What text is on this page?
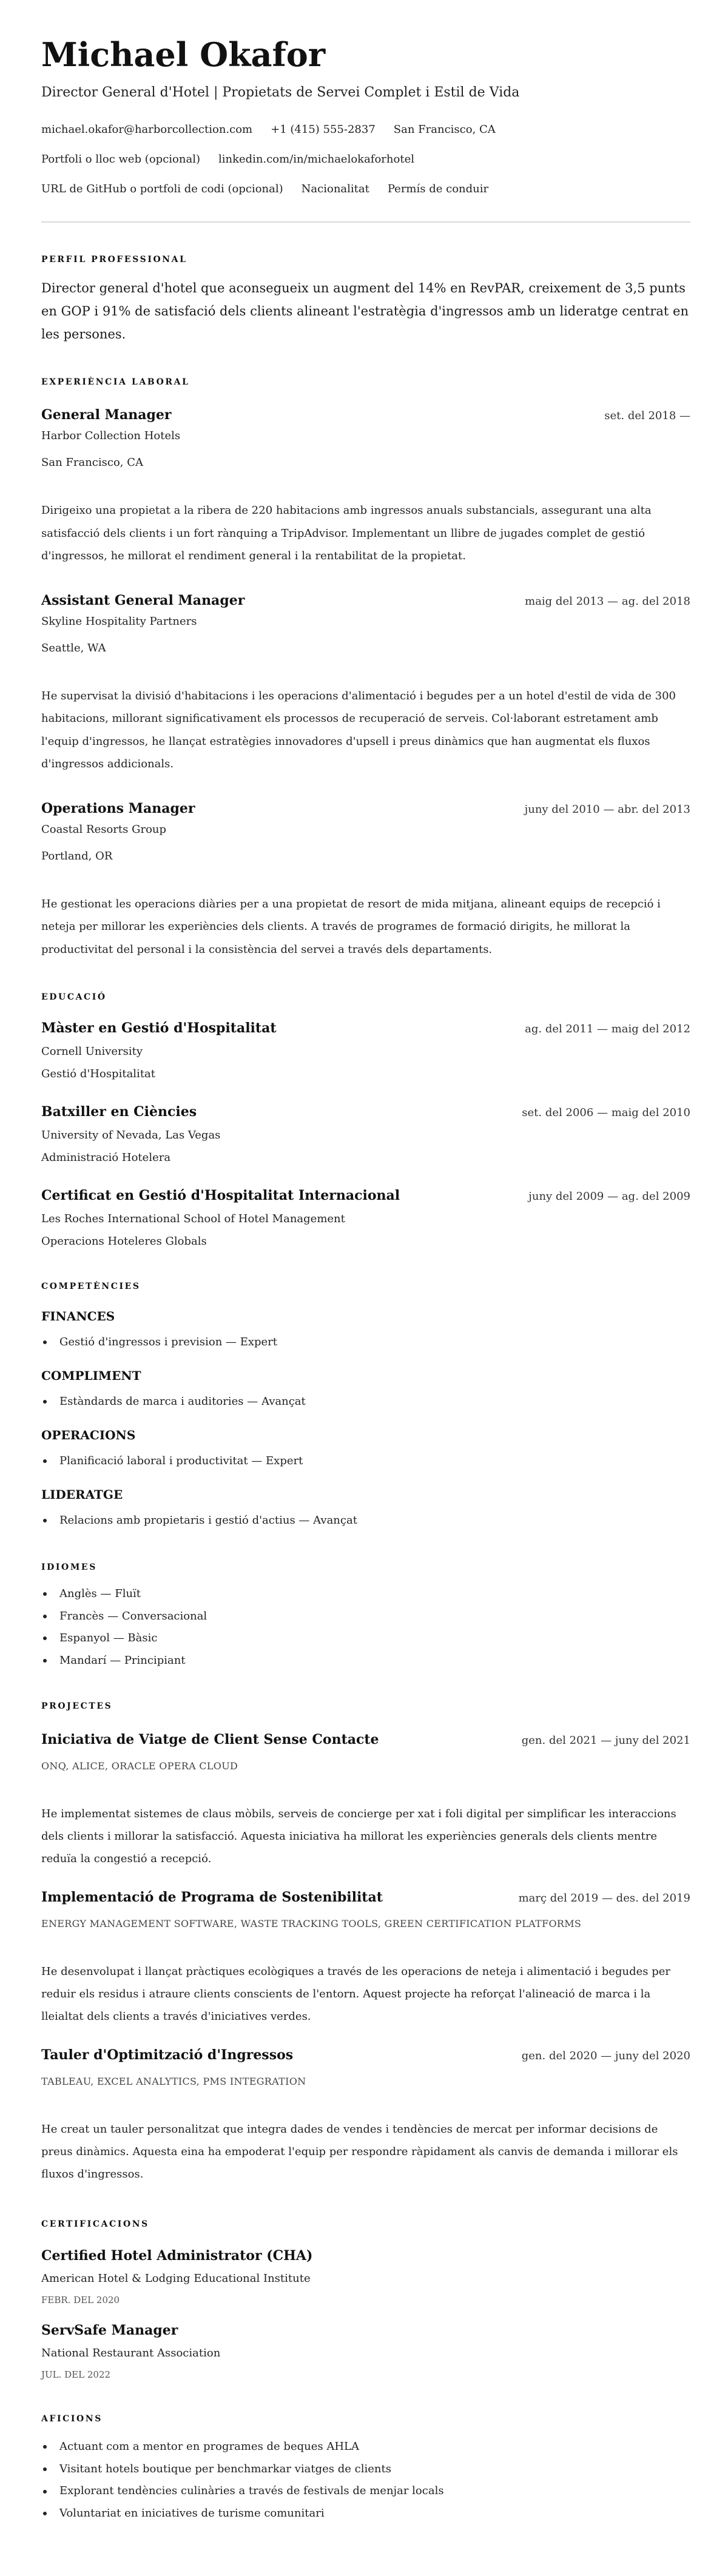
Michael Okafor
Director General d'Hotel | Propietats de Servei Complet i Estil de Vida
michael.okafor@harborcollection.com +1 (415) 555-2837 San Francisco, CA
Portfoli o lloc web (opcional) linkedin.com/in/michaelokaforhotel
URL de GitHub o portfoli de codi (opcional) Nacionalitat Permís de conduir
PERFIL PROFESSIONAL
Director general d'hotel que aconsegueix un augment del 14% en RevPAR, creixement de 3,5 punts en GOP i 91% de satisfació dels clients alineant l'estratègia d'ingressos amb un lideratge centrat en les persones.
EXPERIÈNCIA LABORAL
General Manager	set. del 2018 —
Harbor Collection Hotels
San Francisco, CA
Dirigeixo una propietat a la ribera de 220 habitacions amb ingressos anuals substancials, assegurant una alta satisfacció dels clients i un fort rànquing a TripAdvisor. Implementant un llibre de jugades complet de gestió d'ingressos, he millorat el rendiment general i la rentabilitat de la propietat.
Assistant General Manager	maig del 2013 — ag. del 2018
Skyline Hospitality Partners
Seattle, WA
He supervisat la divisió d'habitacions i les operacions d'alimentació i begudes per a un hotel d'estil de vida de 300 habitacions, millorant significativament els processos de recuperació de serveis. Col·laborant estretament amb l'equip d'ingressos, he llançat estratègies innovadores d'upsell i preus dinàmics que han augmentat els fluxos d'ingressos addicionals.
Operations Manager	juny del 2010 — abr. del 2013
Coastal Resorts Group
Portland, OR
He gestionat les operacions diàries per a una propietat de resort de mida mitjana, alineant equips de recepció i neteja per millorar les experiències dels clients. A través de programes de formació dirigits, he millorat la productivitat del personal i la consistència del servei a través dels departaments.
EDUCACIÓ
Màster en Gestió d'Hospitalitat	ag. del 2011 — maig del 2012
Cornell University
Gestió d'Hospitalitat
Batxiller en Ciències	set. del 2006 — maig del 2010
University of Nevada, Las Vegas
Administració Hotelera
Certificat en Gestió d'Hospitalitat Internacional	juny del 2009 — ag. del 2009
Les Roches International School of Hotel Management
Operacions Hoteleres Globals
COMPETÈNCIES
FINANCES
Gestió d'ingressos i prevision — Expert
COMPLIMENT
Estàndards de marca i auditories — Avançat
OPERACIONS
Planificació laboral i productivitat — Expert
LIDERATGE
Relacions amb propietaris i gestió d'actius — Avançat
IDIOMES
Anglès — Fluït
Francès — Conversacional
Espanyol — Bàsic
Mandarí — Principiant
PROJECTES
Iniciativa de Viatge de Client Sense Contacte	gen. del 2021 — juny del 2021
ONQ, ALICE, ORACLE OPERA CLOUD
He implementat sistemes de claus mòbils, serveis de concierge per xat i foli digital per simplificar les interaccions dels clients i millorar la satisfacció. Aquesta iniciativa ha millorat les experiències generals dels clients mentre reduïa la congestió a recepció.
Implementació de Programa de Sostenibilitat	març del 2019 — des. del 2019
ENERGY MANAGEMENT SOFTWARE, WASTE TRACKING TOOLS, GREEN CERTIFICATION PLATFORMS
He desenvolupat i llançat pràctiques ecològiques a través de les operacions de neteja i alimentació i begudes per reduir els residus i atraure clients conscients de l'entorn. Aquest projecte ha reforçat l'alineació de marca i la lleialtat dels clients a través d'iniciatives verdes.
Tauler d'Optimització d'Ingressos	gen. del 2020 — juny del 2020
TABLEAU, EXCEL ANALYTICS, PMS INTEGRATION
He creat un tauler personalitzat que integra dades de vendes i tendències de mercat per informar decisions de preus dinàmics. Aquesta eina ha empoderat l'equip per respondre ràpidament als canvis de demanda i millorar els fluxos d'ingressos.
CERTIFICACIONS
Certified Hotel Administrator (CHA)
American Hotel & Lodging Educational Institute
FEBR. DEL 2020
ServSafe Manager
National Restaurant Association
JUL. DEL 2022
AFICIONS
Actuant com a mentor en programes de beques AHLA
Visitant hotels boutique per benchmarkar viatges de clients
Explorant tendències culinàries a través de festivals de menjar locals
Voluntariat en iniciatives de turisme comunitari
